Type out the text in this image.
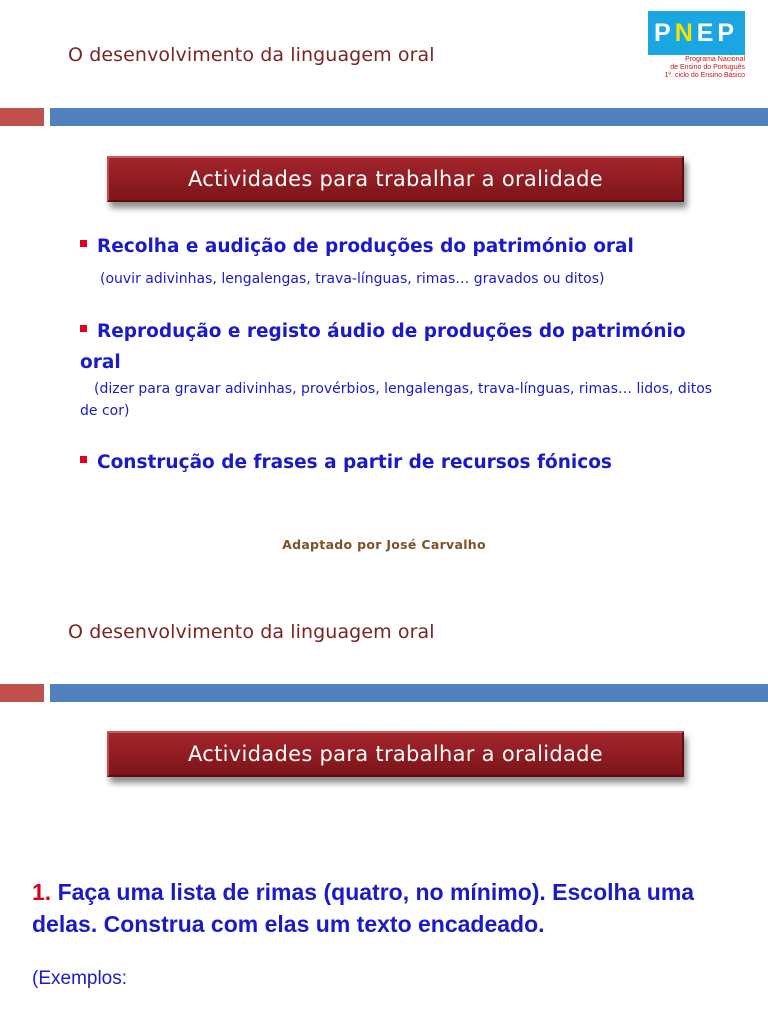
O desenvolvimento da linguagem oral
PNEP
Programa Nacional
de Ensino do Português
1º. ciclo do Ensino Básico
Actividades para trabalhar a oralidade
Recolha e audição de produções do património oral
(ouvir adivinhas, lengalengas, trava-línguas, rimas… gravados ou ditos)
Reprodução e registo áudio de produções do património oral
(dizer para gravar adivinhas, provérbios, lengalengas, trava-línguas, rimas… lidos, ditos de cor)
Construção de frases a partir de recursos fónicos
Adaptado por José Carvalho
O desenvolvimento da linguagem oral
Actividades para trabalhar a oralidade
1. Faça uma lista de rimas (quatro, no mínimo). Escolha uma delas. Construa com elas um texto encadeado.
(Exemplos:
